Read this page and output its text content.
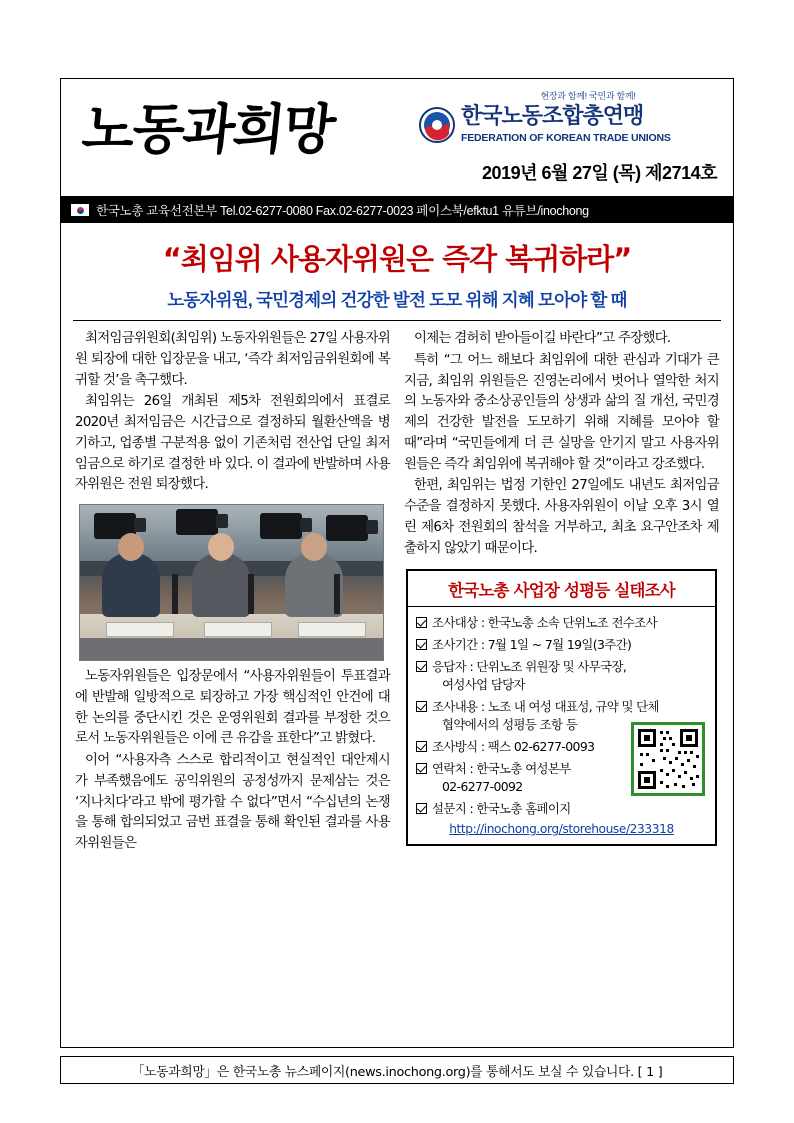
노동과희망
현장과 함께! 국민과 함께!
한국노동조합총연맹
FEDERATION OF KOREAN TRADE UNIONS
2019년 6월 27일 (목) 제2714호
한국노총 교육선전본부 Tel.02-6277-0080 Fax.02-6277-0023 페이스북/efktu1 유튜브/inochong
“최임위 사용자위원은 즉각 복귀하라”
노동자위원, 국민경제의 건강한 발전 도모 위해 지혜 모아야 할 때

최저임금위원회(최임위) 노동자위원들은 27일 사용자위원 퇴장에 대한 입장문을 내고, ‘즉각 최저임금위원회에 복귀할 것’을 촉구했다.

최임위는 26일 개최된 제5차 전원회의에서 표결로 2020년 최저임금은 시간급으로 결정하되 월환산액을 병기하고, 업종별 구분적용 없이 기존처럼 전산업 단일 최저임금으로 하기로 결정한 바 있다. 이 결과에 반발하며 사용자위원은 전원 퇴장했다.

노동자위원들은 입장문에서 “사용자위원들이 투표결과에 반발해 일방적으로 퇴장하고 가장 핵심적인 안건에 대한 논의를 중단시킨 것은 운영위원회 결과를 부정한 것으로서 노동자위원들은 이에 큰 유감을 표한다”고 밝혔다.

이어 “사용자측 스스로 합리적이고 현실적인 대안제시가 부족했음에도 공익위원의 공정성까지 문제삼는 것은 ‘지나치다’라고 밖에 평가할 수 없다”면서 “수십년의 논쟁을 통해 합의되었고 금번 표결을 통해 확인된 결과를 사용자위원들은

이제는 겸허히 받아들이길 바란다”고 주장했다.

특히 “그 어느 해보다 최임위에 대한 관심과 기대가 큰 지금, 최임위 위원들은 진영논리에서 벗어나 열악한 처지의 노동자와 중소상공인들의 상생과 삶의 질 개선, 국민경제의 건강한 발전을 도모하기 위해 지혜를 모아야 할 때”라며 “국민들에게 더 큰 실망을 안기지 말고 사용자위원들은 즉각 최임위에 복귀해야 할 것”이라고 강조했다.

한편, 최임위는 법정 기한인 27일에도 내년도 최저임금 수준을 결정하지 못했다. 사용자위원이 이날 오후 3시 열린 제6차 전원회의 참석을 거부하고, 최초 요구안조차 제출하지 않았기 때문이다.

한국노총 사업장 성평등 실태조사
조사대상 : 한국노총 소속 단위노조 전수조사
조사기간 : 7월 1일 ~ 7월 19일(3주간)
응답자 : 단위노조 위원장 및 사무국장,
여성사업 담당자
조사내용 : 노조 내 여성 대표성, 규약 및 단체
협약에서의 성평등 조항 등
조사방식 : 팩스 02-6277-0093
연락처 : 한국노총 여성본부
02-6277-0092
설문지 : 한국노총 홈페이지
http://inochong.org/storehouse/233318
「노동과희망」은 한국노총 뉴스페이지(news.inochong.org)를 통해서도 보실 수 있습니다. [ 1 ]
